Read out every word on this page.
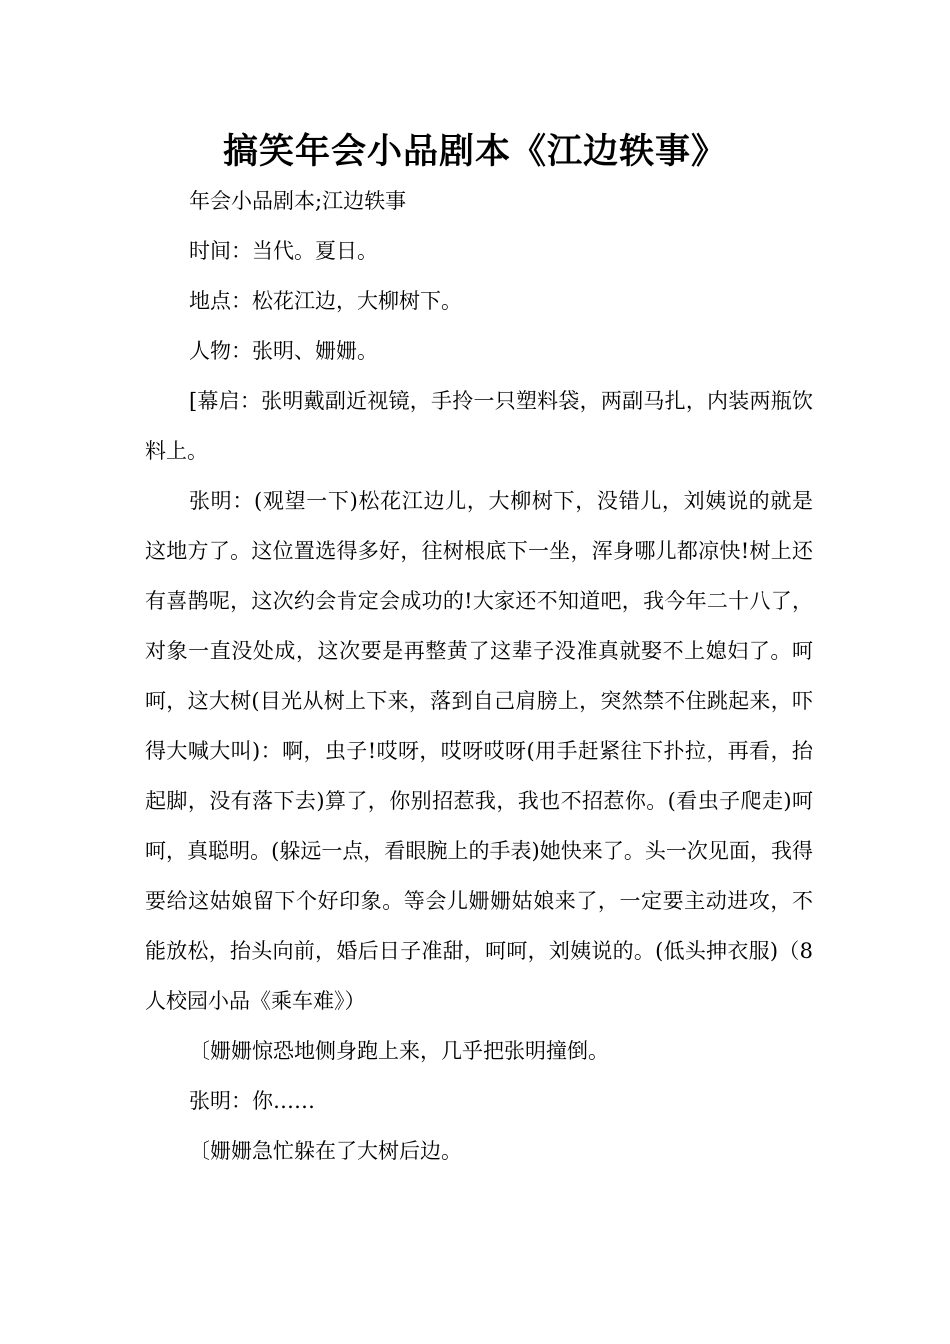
搞笑年会小品剧本《江边轶事》

年会小品剧本;江边轶事

时间：当代。夏日。

地点：松花江边，大柳树下。

人物：张明、姗姗。

[幕启：张明戴副近视镜，手拎一只塑料袋，两副马扎，内装两瓶饮料上。

张明：(观望一下)松花江边儿，大柳树下，没错儿，刘姨说的就是这地方了。这位置选得多好，往树根底下一坐，浑身哪儿都凉快!树上还有喜鹊呢，这次约会肯定会成功的!大家还不知道吧，我今年二十八了，对象一直没处成，这次要是再整黄了这辈子没准真就娶不上媳妇了。呵呵，这大树(目光从树上下来，落到自己肩膀上，突然禁不住跳起来，吓得大喊大叫)：啊，虫子!哎呀，哎呀哎呀(用手赶紧往下扑拉，再看，抬起脚，没有落下去)算了，你别招惹我，我也不招惹你。(看虫子爬走)呵呵，真聪明。(躲远一点，看眼腕上的手表)她快来了。头一次见面，我得要给这姑娘留下个好印象。等会儿姗姗姑娘来了，一定要主动进攻，不能放松，抬头向前，婚后日子准甜，呵呵，刘姨说的。(低头抻衣服)（8人校园小品《乘车难》）

〔姗姗惊恐地侧身跑上来，几乎把张明撞倒。

张明：你……

〔姗姗急忙躲在了大树后边。
